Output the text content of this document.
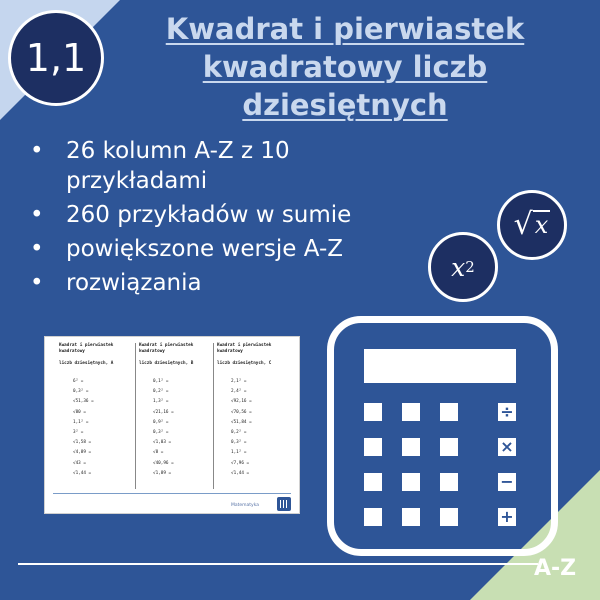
1,1
Kwadrat i pierwiastek kwadratowy liczb dziesiętnych
• 26 kolumn A-Z z 10 przykładami
• 260 przykładów w sumie
• powiększone wersje A-Z
• rozwiązania
√ x
x 2
Kwadrat i pierwiastek kwadratowy
liczb dziesiętnych, A
6² =
0,3² =
√51,36 =
√80 =
1,1² =
3² =
√1,58 =
√4,89 =
√43 =
√1,44 =
Kwadrat i pierwiastek kwadratowy
liczb dziesiętnych, B
0,1² =
0,2² =
1,3² =
√21,16 =
0,9² =
0,3² =
√1,03 =
√8 =
√40,96 =
√1,89 =
Kwadrat i pierwiastek kwadratowy
liczb dziesiętnych, C
2,1² =
2,4² =
√92,16 =
√70,56 =
√51,84 =
0,2² =
0,3² =
1,1² =
√7,96 =
√1,44 =
Matematyka
÷
×
−
+
A-Z
